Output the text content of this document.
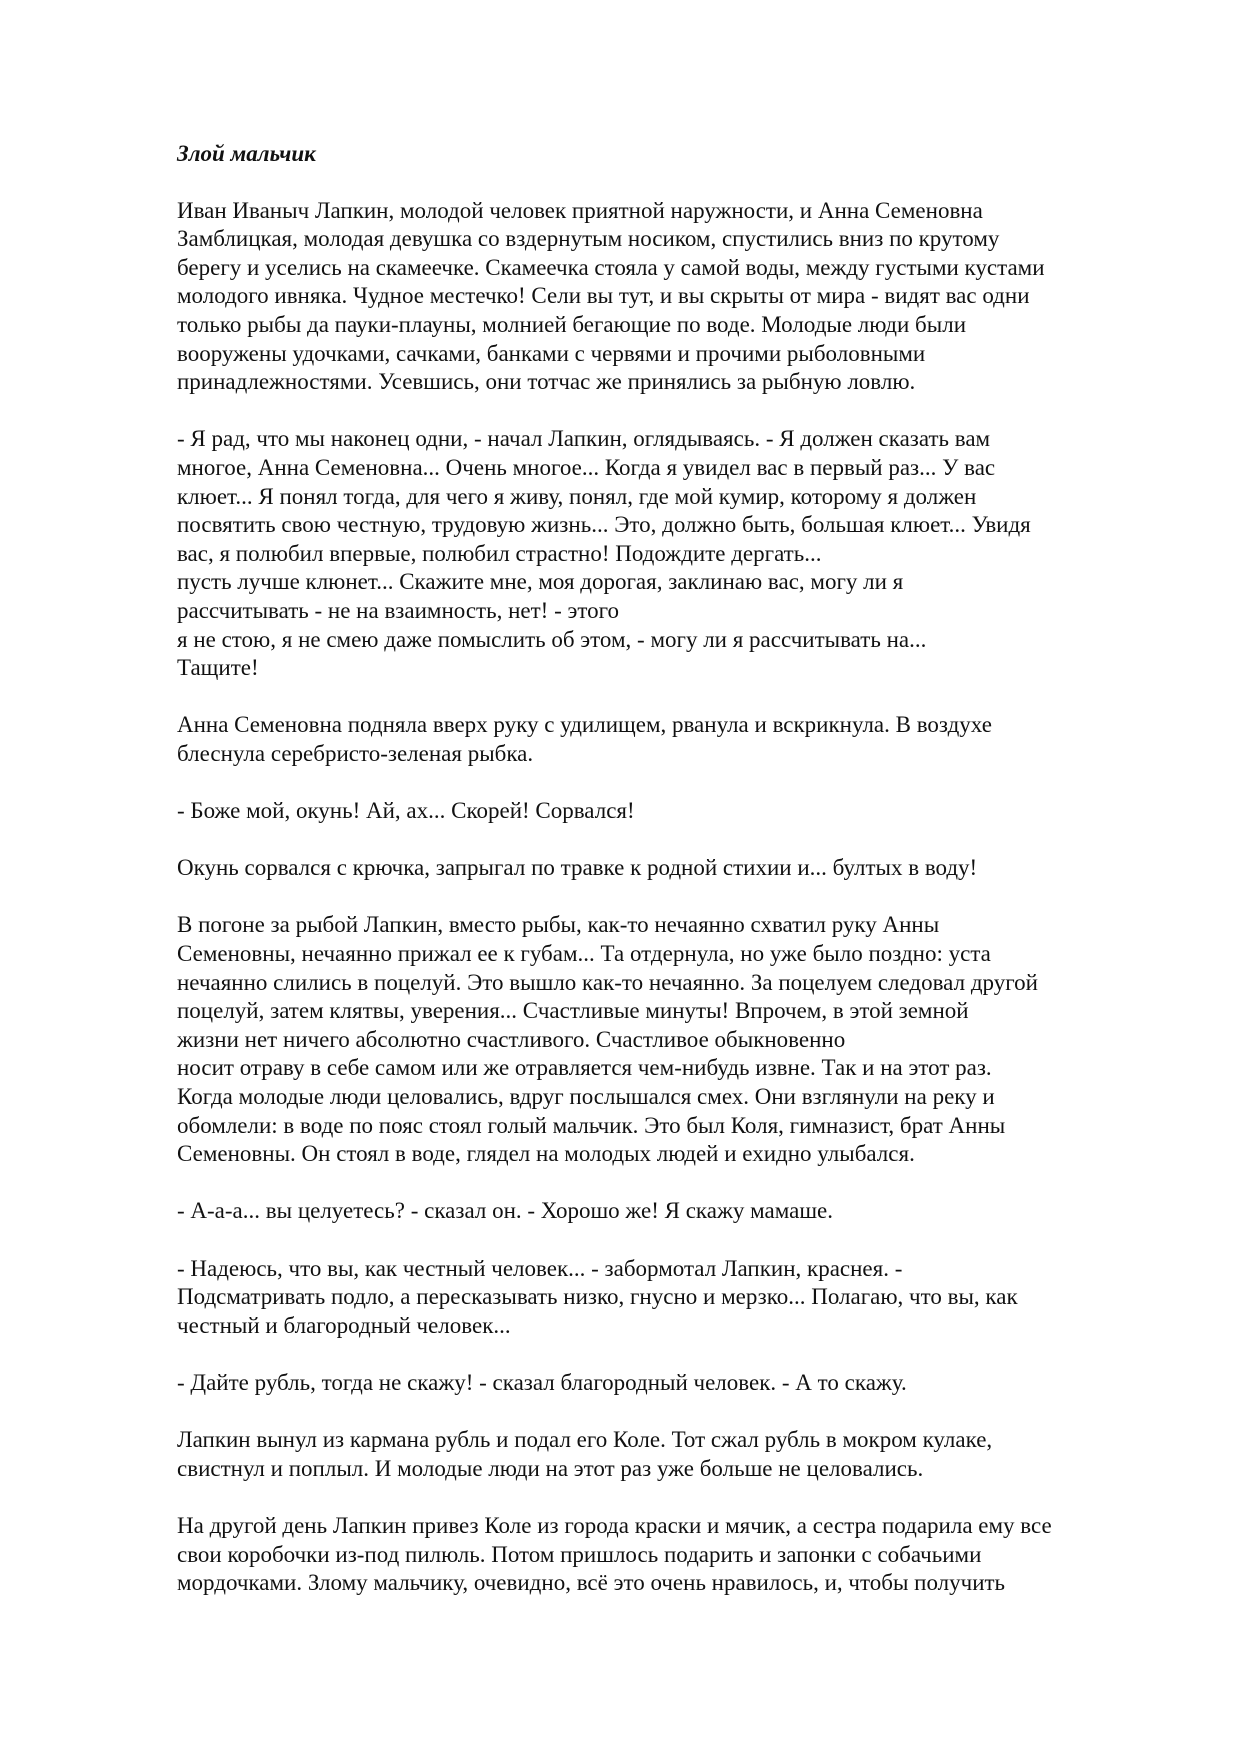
Злой мальчик

Иван Иваныч Лапкин, молодой человек приятной наружности, и Анна Семеновна
Замблицкая, молодая девушка со вздернутым носиком, спустились вниз по крутому
берегу и уселись на скамеечке. Скамеечка стояла у самой воды, между густыми кустами
молодого ивняка. Чудное местечко! Сели вы тут, и вы скрыты от мира - видят вас одни
только рыбы да пауки-плауны, молнией бегающие по воде. Молодые люди были
вооружены удочками, сачками, банками с червями и прочими рыболовными
принадлежностями. Усевшись, они тотчас же принялись за рыбную ловлю.

- Я рад, что мы наконец одни, - начал Лапкин, оглядываясь. - Я должен сказать вам
многое, Анна Семеновна... Очень многое... Когда я увидел вас в первый раз... У вас
клюет... Я понял тогда, для чего я живу, понял, где мой кумир, которому я должен
посвятить свою честную, трудовую жизнь... Это, должно быть, большая клюет... Увидя
вас, я полюбил впервые, полюбил страстно! Подождите дергать...
пусть лучше клюнет... Скажите мне, моя дорогая, заклинаю вас, могу ли я
рассчитывать - не на взаимность, нет! - этого
я не стою, я не смею даже помыслить об этом, - могу ли я рассчитывать на...
Тащите!

Анна Семеновна подняла вверх руку с удилищем, рванула и вскрикнула. В воздухе
блеснула серебристо-зеленая рыбка.

- Боже мой, окунь! Ай, ах... Скорей! Сорвался!

Окунь сорвался с крючка, запрыгал по травке к родной стихии и... бултых в воду!

В погоне за рыбой Лапкин, вместо рыбы, как-то нечаянно схватил руку Анны
Семеновны, нечаянно прижал ее к губам... Та отдернула, но уже было поздно: уста
нечаянно слились в поцелуй. Это вышло как-то нечаянно. За поцелуем следовал другой
поцелуй, затем клятвы, уверения... Счастливые минуты! Впрочем, в этой земной
жизни нет ничего абсолютно счастливого. Счастливое обыкновенно
носит отраву в себе самом или же отравляется чем-нибудь извне. Так и на этот раз.
Когда молодые люди целовались, вдруг послышался смех. Они взглянули на реку и
обомлели: в воде по пояс стоял голый мальчик. Это был Коля, гимназист, брат Анны
Семеновны. Он стоял в воде, глядел на молодых людей и ехидно улыбался.

- А-а-а... вы целуетесь? - сказал он. - Хорошо же! Я скажу мамаше.

- Надеюсь, что вы, как честный человек... - забормотал Лапкин, краснея. -
Подсматривать подло, а пересказывать низко, гнусно и мерзко... Полагаю, что вы, как
честный и благородный человек...

- Дайте рубль, тогда не скажу! - сказал благородный человек. - А то скажу.

Лапкин вынул из кармана рубль и подал его Коле. Тот сжал рубль в мокром кулаке,
свистнул и поплыл. И молодые люди на этот раз уже больше не целовались.

На другой день Лапкин привез Коле из города краски и мячик, а сестра подарила ему все
свои коробочки из-под пилюль. Потом пришлось подарить и запонки с собачьими
мордочками. Злому мальчику, очевидно, всё это очень нравилось, и, чтобы получить
